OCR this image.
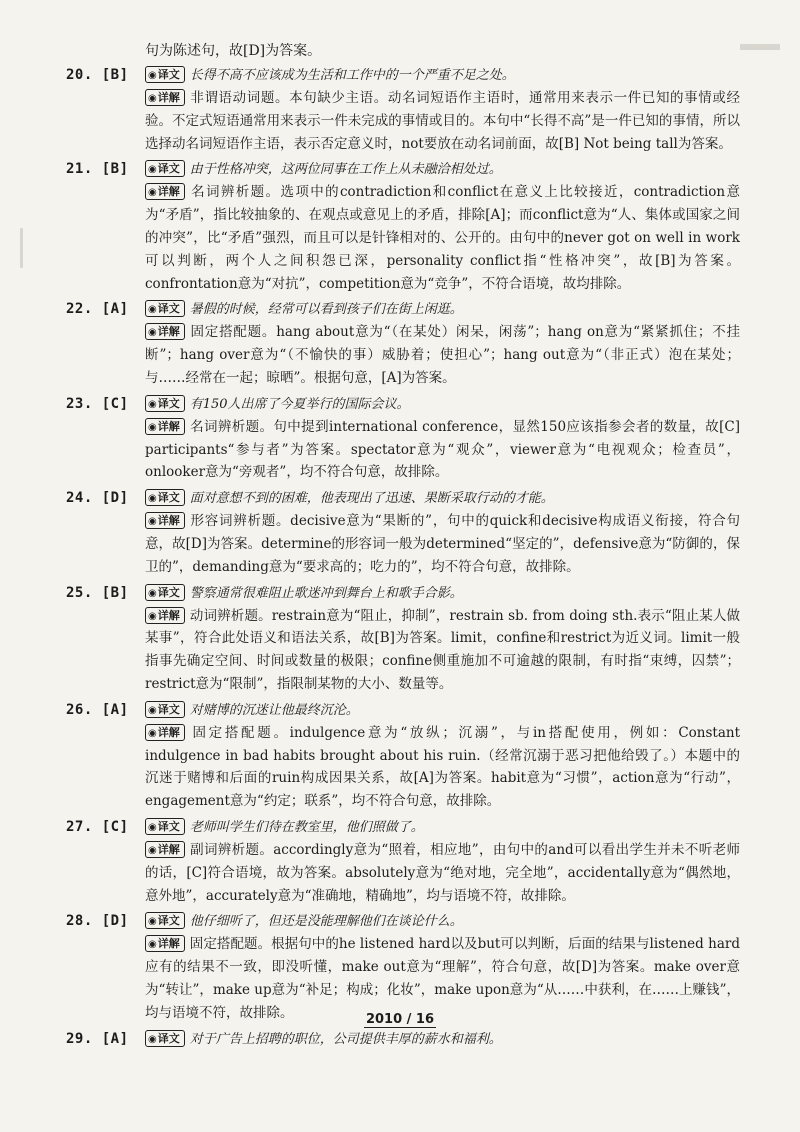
句为陈述句，故[D]为答案。
20. [B]	◉译文 长得不高不应该成为生活和工作中的一个严重不足之处。
◉详解 非谓语动词题。本句缺少主语。动名词短语作主语时，通常用来表示一件已知的事情或经验。不定式短语通常用来表示一件未完成的事情或目的。本句中“长得不高”是一件已知的事情，所以选择动名词短语作主语，表示否定意义时，not要放在动名词前面，故[B] Not being tall为答案。
21. [B]	◉译文 由于性格冲突，这两位同事在工作上从未融洽相处过。
◉详解 名词辨析题。选项中的contradiction和conflict在意义上比较接近，contradiction意为“矛盾”，指比较抽象的、在观点或意见上的矛盾，排除[A]；而conflict意为“人、集体或国家之间的冲突”，比“矛盾”强烈，而且可以是针锋相对的、公开的。由句中的never got on well in work可以判断，两个人之间积怨已深，personality conflict指“性格冲突”，故[B]为答案。confrontation意为“对抗”，competition意为“竞争”，不符合语境，故均排除。
22. [A]	◉译文 暑假的时候，经常可以看到孩子们在街上闲逛。
◉详解 固定搭配题。hang about意为“（在某处）闲呆，闲荡”；hang on意为“紧紧抓住；不挂断”；hang over意为“（不愉快的事）威胁着；使担心”；hang out意为“（非正式）泡在某处；与……经常在一起；晾晒”。根据句意，[A]为答案。
23. [C]	◉译文 有150人出席了今夏举行的国际会议。
◉详解 名词辨析题。句中提到international conference，显然150应该指参会者的数量，故[C] participants“参与者”为答案。spectator意为“观众”，viewer意为“电视观众；检查员”，onlooker意为“旁观者”，均不符合句意，故排除。
24. [D]	◉译文 面对意想不到的困难，他表现出了迅速、果断采取行动的才能。
◉详解 形容词辨析题。decisive意为“果断的”，句中的quick和decisive构成语义衔接，符合句意，故[D]为答案。determine的形容词一般为determined“坚定的”，defensive意为“防御的，保卫的”，demanding意为“要求高的；吃力的”，均不符合句意，故排除。
25. [B]	◉译文 警察通常很难阻止歌迷冲到舞台上和歌手合影。
◉详解 动词辨析题。restrain意为“阻止，抑制”，restrain sb. from doing sth.表示“阻止某人做某事”，符合此处语义和语法关系，故[B]为答案。limit，confine和restrict为近义词。limit一般指事先确定空间、时间或数量的极限；confine侧重施加不可逾越的限制，有时指“束缚，囚禁”；restrict意为“限制”，指限制某物的大小、数量等。
26. [A]	◉译文 对赌博的沉迷让他最终沉沦。
◉详解 固定搭配题。indulgence意为“放纵；沉溺”，与in搭配使用，例如：Constant indulgence in bad habits brought about his ruin.（经常沉溺于恶习把他给毁了。）本题中的沉迷于赌博和后面的ruin构成因果关系，故[A]为答案。habit意为“习惯”，action意为“行动”，engagement意为“约定；联系”，均不符合句意，故排除。
27. [C]	◉译文 老师叫学生们待在教室里，他们照做了。
◉详解 副词辨析题。accordingly意为“照着，相应地”，由句中的and可以看出学生并未不听老师的话，[C]符合语境，故为答案。absolutely意为“绝对地，完全地”，accidentally意为“偶然地，意外地”，accurately意为“准确地，精确地”，均与语境不符，故排除。
28. [D]	◉译文 他仔细听了，但还是没能理解他们在谈论什么。
◉详解 固定搭配题。根据句中的he listened hard以及but可以判断，后面的结果与listened hard应有的结果不一致，即没听懂，make out意为“理解”，符合句意，故[D]为答案。make over意为“转让”，make up意为“补足；构成；化妆”，make upon意为“从……中获利，在……上赚钱”，均与语境不符，故排除。
29. [A]	◉译文 对于广告上招聘的职位，公司提供丰厚的薪水和福利。
2010 / 16
